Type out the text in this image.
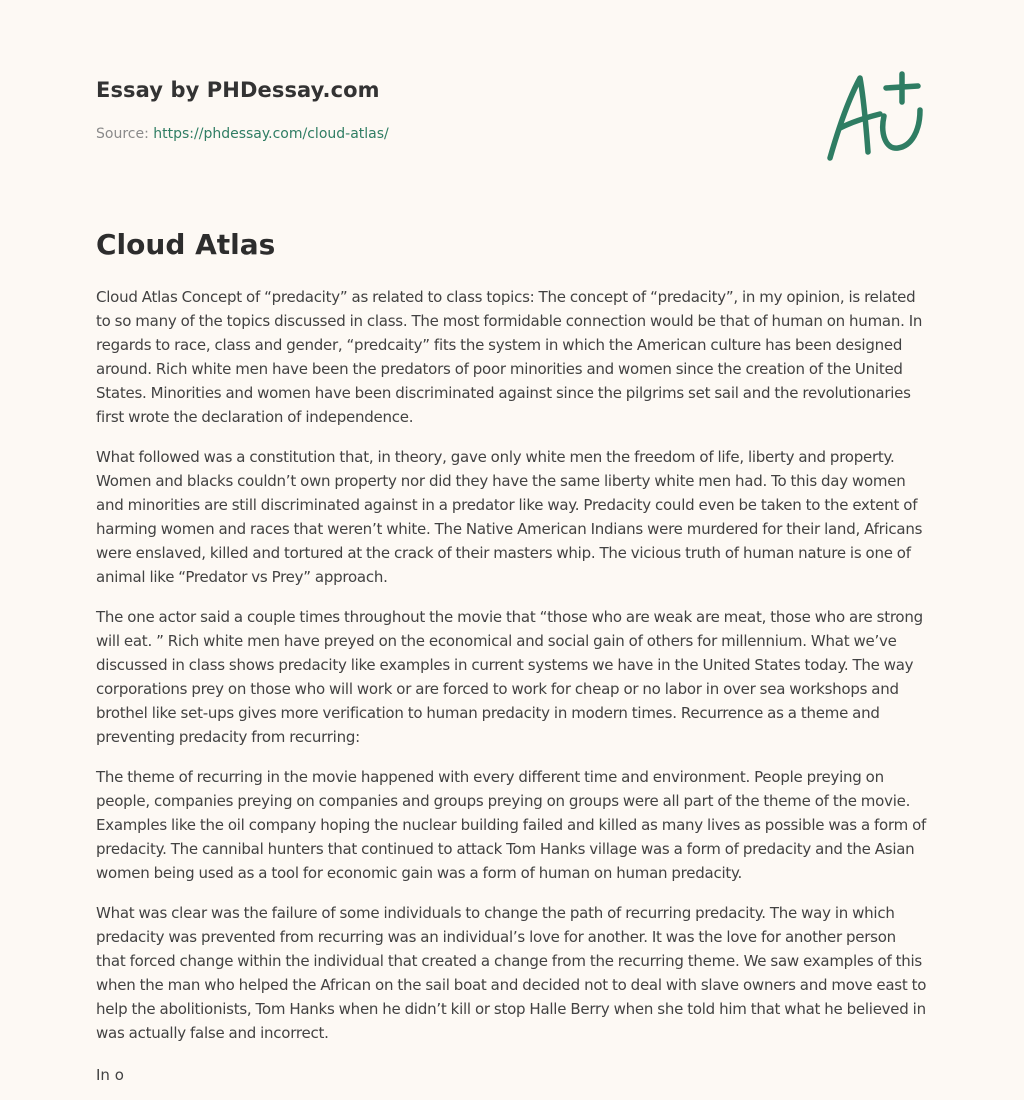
Essay by PHDessay.com

Source: https://phdessay.com/cloud-atlas/
Cloud Atlas

Cloud Atlas Concept of “predacity” as related to class topics: The concept of “predacity”, in my opinion, is related to so many of the topics discussed in class. The most formidable connection would be that of human on human. In regards to race, class and gender, “predcaity” fits the system in which the American culture has been designed around. Rich white men have been the predators of poor minorities and women since the creation of the United States. Minorities and women have been discriminated against since the pilgrims set sail and the revolutionaries first wrote the declaration of independence.

What followed was a constitution that, in theory, gave only white men the freedom of life, liberty and property. Women and blacks couldn’t own property nor did they have the same liberty white men had. To this day women and minorities are still discriminated against in a predator like way. Predacity could even be taken to the extent of harming women and races that weren’t white. The Native American Indians were murdered for their land, Africans were enslaved, killed and tortured at the crack of their masters whip. The vicious truth of human nature is one of animal like “Predator vs Prey” approach.

The one actor said a couple times throughout the movie that “those who are weak are meat, those who are strong will eat. ” Rich white men have preyed on the economical and social gain of others for millennium. What we’ve discussed in class shows predacity like examples in current systems we have in the United States today. The way corporations prey on those who will work or are forced to work for cheap or no labor in over sea workshops and brothel like set-ups gives more verification to human predacity in modern times. Recurrence as a theme and preventing predacity from recurring:

The theme of recurring in the movie happened with every different time and environment. People preying on people, companies preying on companies and groups preying on groups were all part of the theme of the movie. Examples like the oil company hoping the nuclear building failed and killed as many lives as possible was a form of predacity. The cannibal hunters that continued to attack Tom Hanks village was a form of predacity and the Asian women being used as a tool for economic gain was a form of human on human predacity.

What was clear was the failure of some individuals to change the path of recurring predacity. The way in which predacity was prevented from recurring was an individual’s love for another. It was the love for another person that forced change within the individual that created a change from the recurring theme. We saw examples of this when the man who helped the African on the sail boat and decided not to deal with slave owners and move east to help the abolitionists, Tom Hanks when he didn’t kill or stop Halle Berry when she told him that what he believed in was actually false and incorrect.

In o
